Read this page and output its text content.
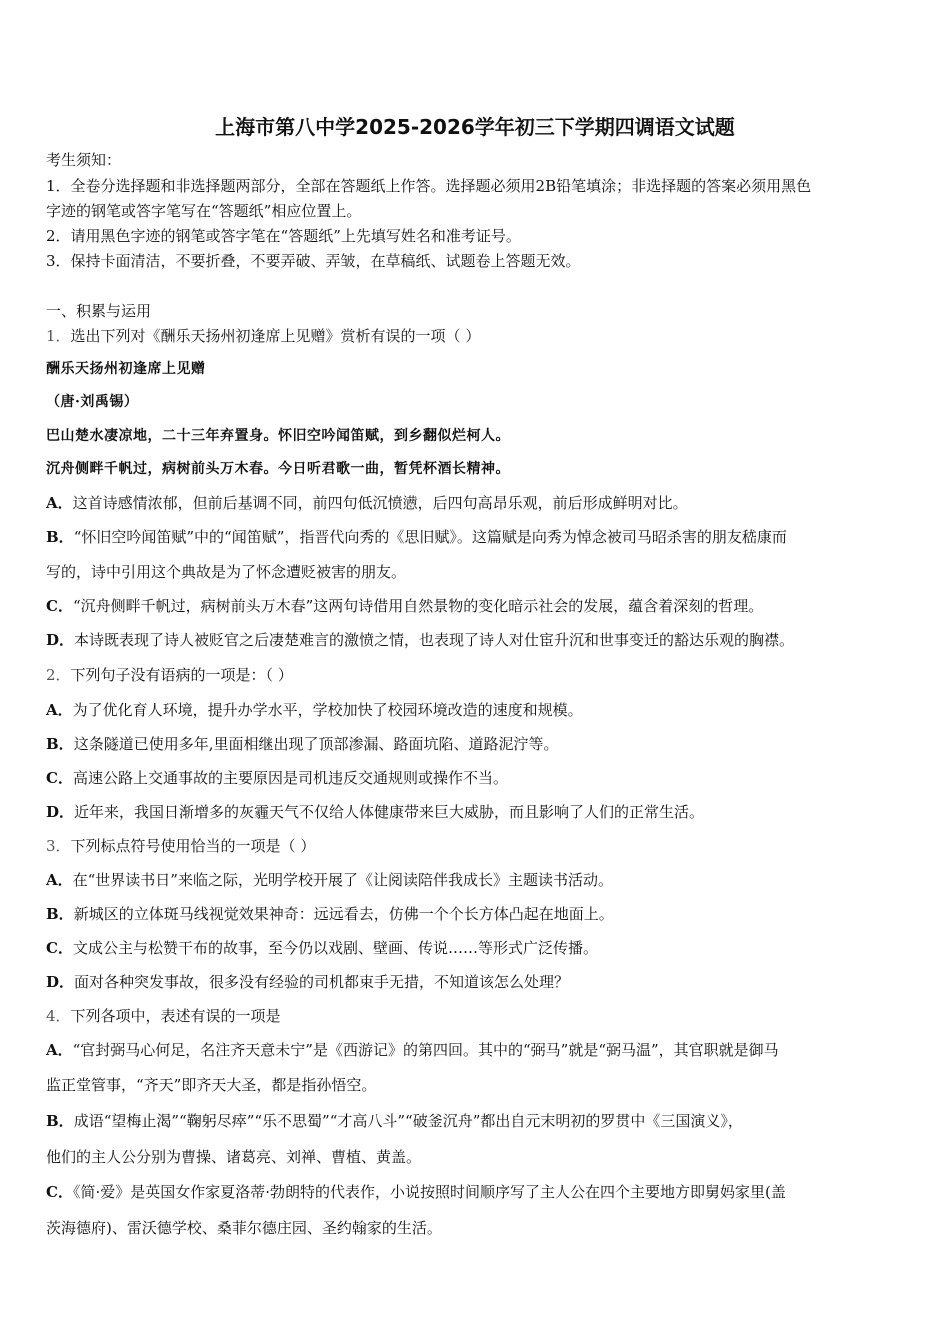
上海市第八中学2025-2026学年初三下学期四调语文试题
考生须知：
1．全卷分选择题和非选择题两部分，全部在答题纸上作答。选择题必须用2B铅笔填涂；非选择题的答案必须用黑色
字迹的钢笔或答字笔写在“答题纸”相应位置上。
2．请用黑色字迹的钢笔或答字笔在“答题纸”上先填写姓名和准考证号。
3．保持卡面清洁，不要折叠，不要弄破、弄皱，在草稿纸、试题卷上答题无效。
一、积累与运用
1．选出下列对《酬乐天扬州初逢席上见赠》赏析有误的一项（ ）
酬乐天扬州初逢席上见赠
（唐·刘禹锡）
巴山楚水凄凉地，二十三年弃置身。怀旧空吟闻笛赋，到乡翻似烂柯人。
沉舟侧畔千帆过，病树前头万木春。今日听君歌一曲，暂凭杯酒长精神。
A．这首诗感情浓郁，但前后基调不同，前四句低沉愤懑，后四句高昂乐观，前后形成鲜明对比。
B．“怀旧空吟闻笛赋”中的“闻笛赋”，指晋代向秀的《思旧赋》。这篇赋是向秀为悼念被司马昭杀害的朋友嵇康而
写的，诗中引用这个典故是为了怀念遭贬被害的朋友。
C．“沉舟侧畔千帆过，病树前头万木春”这两句诗借用自然景物的变化暗示社会的发展，蕴含着深刻的哲理。
D．本诗既表现了诗人被贬官之后凄楚难言的激愤之情，也表现了诗人对仕宦升沉和世事变迁的豁达乐观的胸襟。
2．下列句子没有语病的一项是：（ ）
A．为了优化育人环境，提升办学水平，学校加快了校园环境改造的速度和规模。
B．这条隧道已使用多年,里面相继出现了顶部渗漏、路面坑陷、道路泥泞等。
C．高速公路上交通事故的主要原因是司机违反交通规则或操作不当。
D．近年来，我国日渐增多的灰霾天气不仅给人体健康带来巨大威胁，而且影响了人们的正常生活。
3．下列标点符号使用恰当的一项是（ ）
A．在“世界读书日”来临之际，光明学校开展了《让阅读陪伴我成长》主题读书活动。
B．新城区的立体斑马线视觉效果神奇：远远看去，仿佛一个个长方体凸起在地面上。
C．文成公主与松赞干布的故事，至今仍以戏剧、壁画、传说……等形式广泛传播。
D．面对各种突发事故，很多没有经验的司机都束手无措，不知道该怎么处理？
4．下列各项中，表述有误的一项是
A．“官封弼马心何足，名注齐天意未宁”是《西游记》的第四回。其中的“弼马”就是“弼马温”，其官职就是御马
监正堂管事，“齐天”即齐天大圣，都是指孙悟空。
B．成语“望梅止渴”“鞠躬尽瘁”“乐不思蜀”“才高八斗”“破釜沉舟”都出自元末明初的罗贯中《三国演义》，
他们的主人公分别为曹操、诸葛亮、刘禅、曹植、黄盖。
C．《简·爱》是英国女作家夏洛蒂·勃朗特的代表作，小说按照时间顺序写了主人公在四个主要地方即舅妈家里(盖
茨海德府)、雷沃德学校、桑菲尔德庄园、圣约翰家的生活。
